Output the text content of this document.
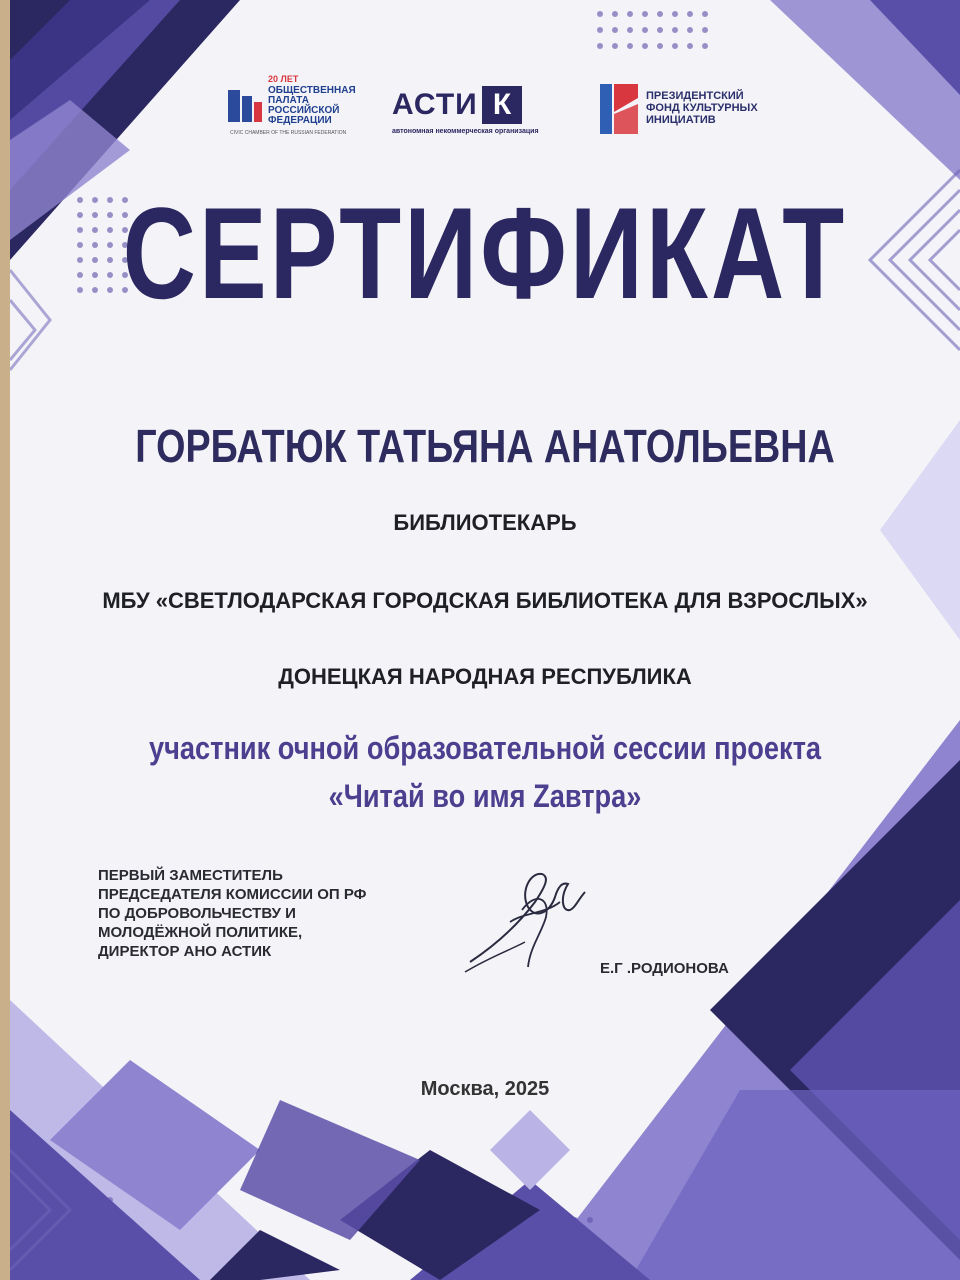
20 ЛЕТ
ОБЩЕСТВЕННАЯ
ПАЛАТА
РОССИЙСКОЙ
ФЕДЕРАЦИИ
CIVIC CHAMBER OF THE RUSSIAN FEDERATION
АСТИ К
автономная некоммерческая организация
ПРЕЗИДЕНТСКИЙ
ФОНД КУЛЬТУРНЫХ
ИНИЦИАТИВ
СЕРТИФИКАТ
ГОРБАТЮК ТАТЬЯНА АНАТОЛЬЕВНА
БИБЛИОТЕКАРЬ
МБУ «СВЕТЛОДАРСКАЯ ГОРОДСКАЯ БИБЛИОТЕКА ДЛЯ ВЗРОСЛЫХ»
ДОНЕЦКАЯ НАРОДНАЯ РЕСПУБЛИКА
участник очной образовательной сессии проекта
«Читай во имя Zавтра»
ПЕРВЫЙ ЗАМЕСТИТЕЛЬ
ПРЕДСЕДАТЕЛЯ КОМИССИИ ОП РФ
ПО ДОБРОВОЛЬЧЕСТВУ И
МОЛОДЁЖНОЙ ПОЛИТИКЕ,
ДИРЕКТОР АНО АСТИК
Е.Г .РОДИОНОВА
Москва, 2025
